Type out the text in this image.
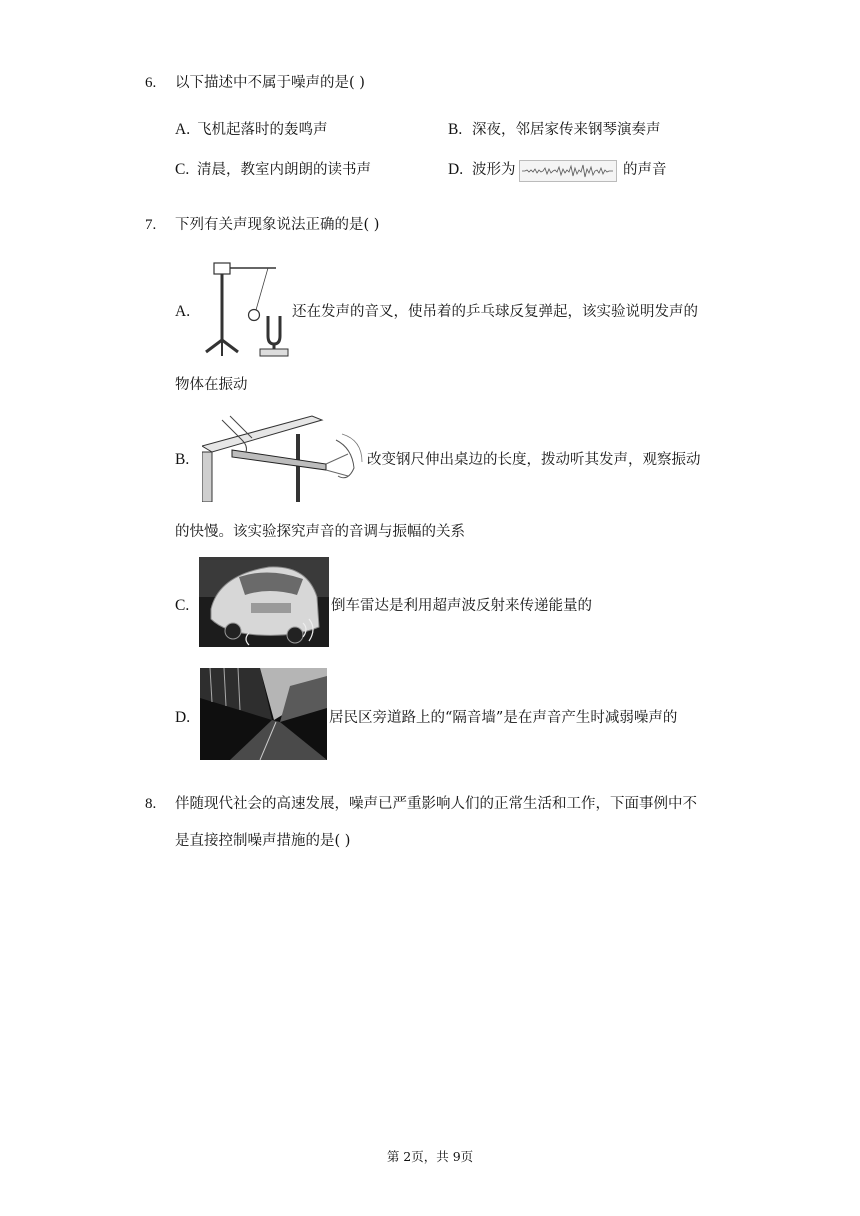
6. 以下描述中不属于噪声的是( )
A. 飞机起落时的轰鸣声	B. 深夜，邻居家传来钢琴演奏声
C. 清晨，教室内朗朗的读书声	D. 波形为	的声音
7. 下列有关声现象说法正确的是( )
A.	还在发声的音叉，使吊着的乒乓球反复弹起，该实验说明发声的
物体在振动
B.	改变钢尺伸出桌边的长度，拨动听其发声，观察振动
的快慢。该实验探究声音的音调与振幅的关系
C.	倒车雷达是利用超声波反射来传递能量的
D.	居民区旁道路上的“隔音墙”是在声音产生时减弱噪声的
8. 伴随现代社会的高速发展，噪声已严重影响人们的正常生活和工作，下面事例中不
是直接控制噪声措施的是( )
第 2页，共 9页
